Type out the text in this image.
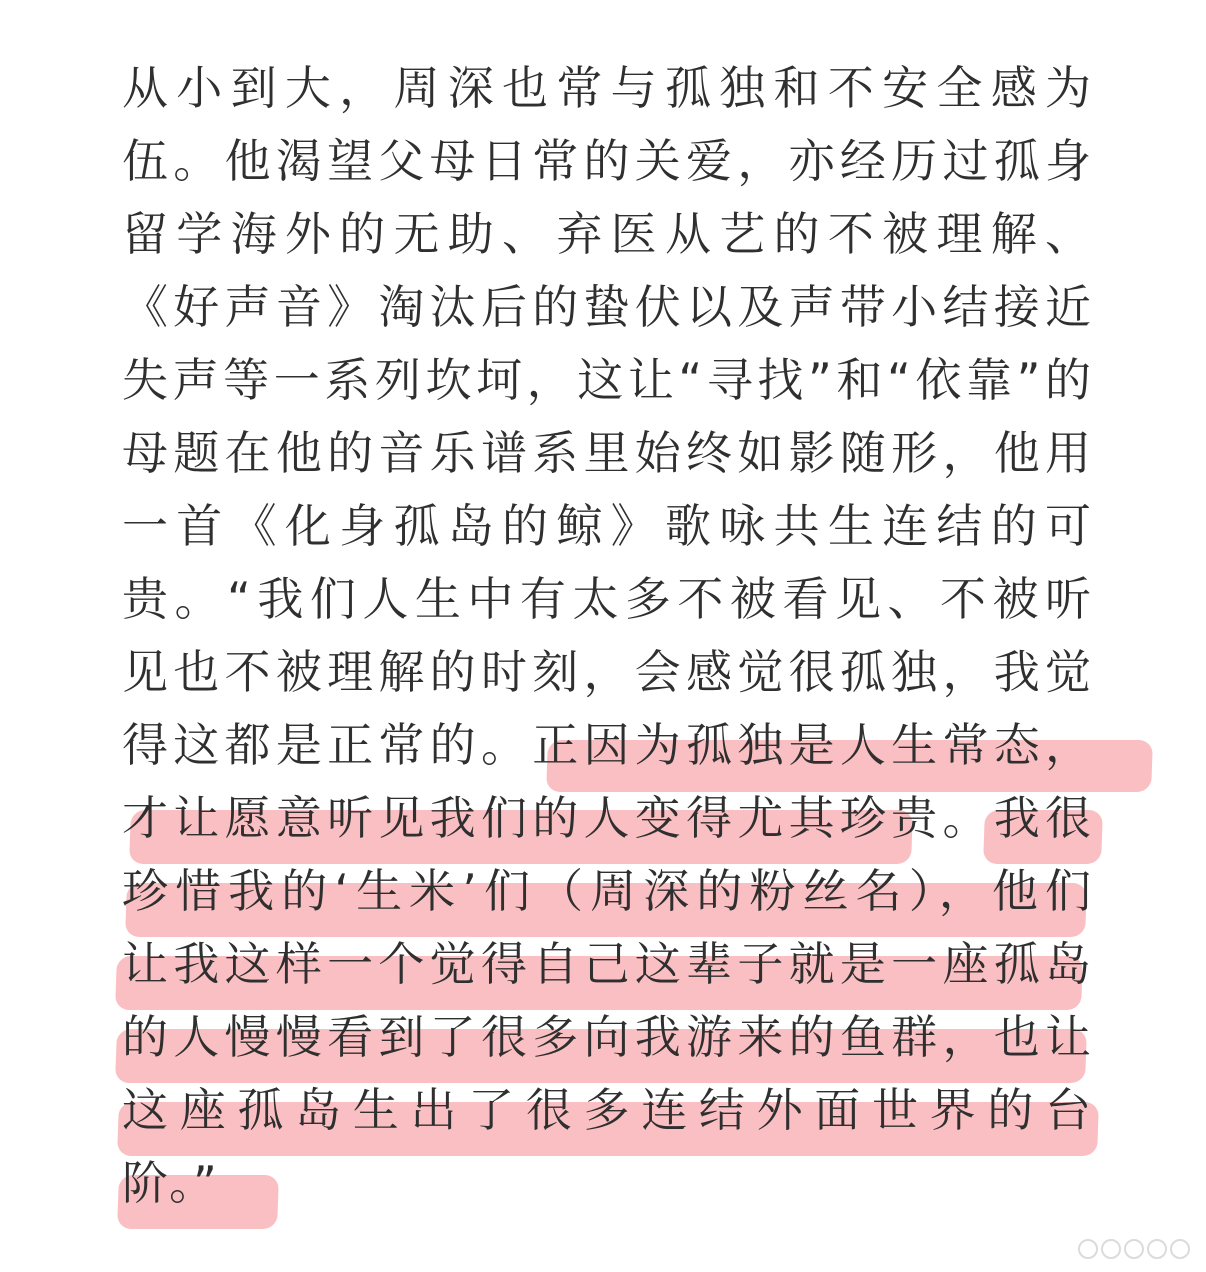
从小到大，周深也常与孤独和不安全感为
伍。他渴望父母日常的关爱，亦经历过孤身
留学海外的无助、弃医从艺的不被理解、
《好声音》淘汰后的蛰伏以及声带小结接近
失声等一系列坎坷，这让“寻找”和“依靠”的
母题在他的音乐谱系里始终如影随形，他用
一首《化身孤岛的鲸》歌咏共生连结的可
贵。“我们人生中有太多不被看见、不被听
见也不被理解的时刻，会感觉很孤独，我觉
得这都是正常的。正因为孤独是人生常态，
才让愿意听见我们的人变得尤其珍贵。我很
珍惜我的‘生米’们（周深的粉丝名），他们
让我这样一个觉得自己这辈子就是一座孤岛
的人慢慢看到了很多向我游来的鱼群，也让
这座孤岛生出了很多连结外面世界的台
阶。”
